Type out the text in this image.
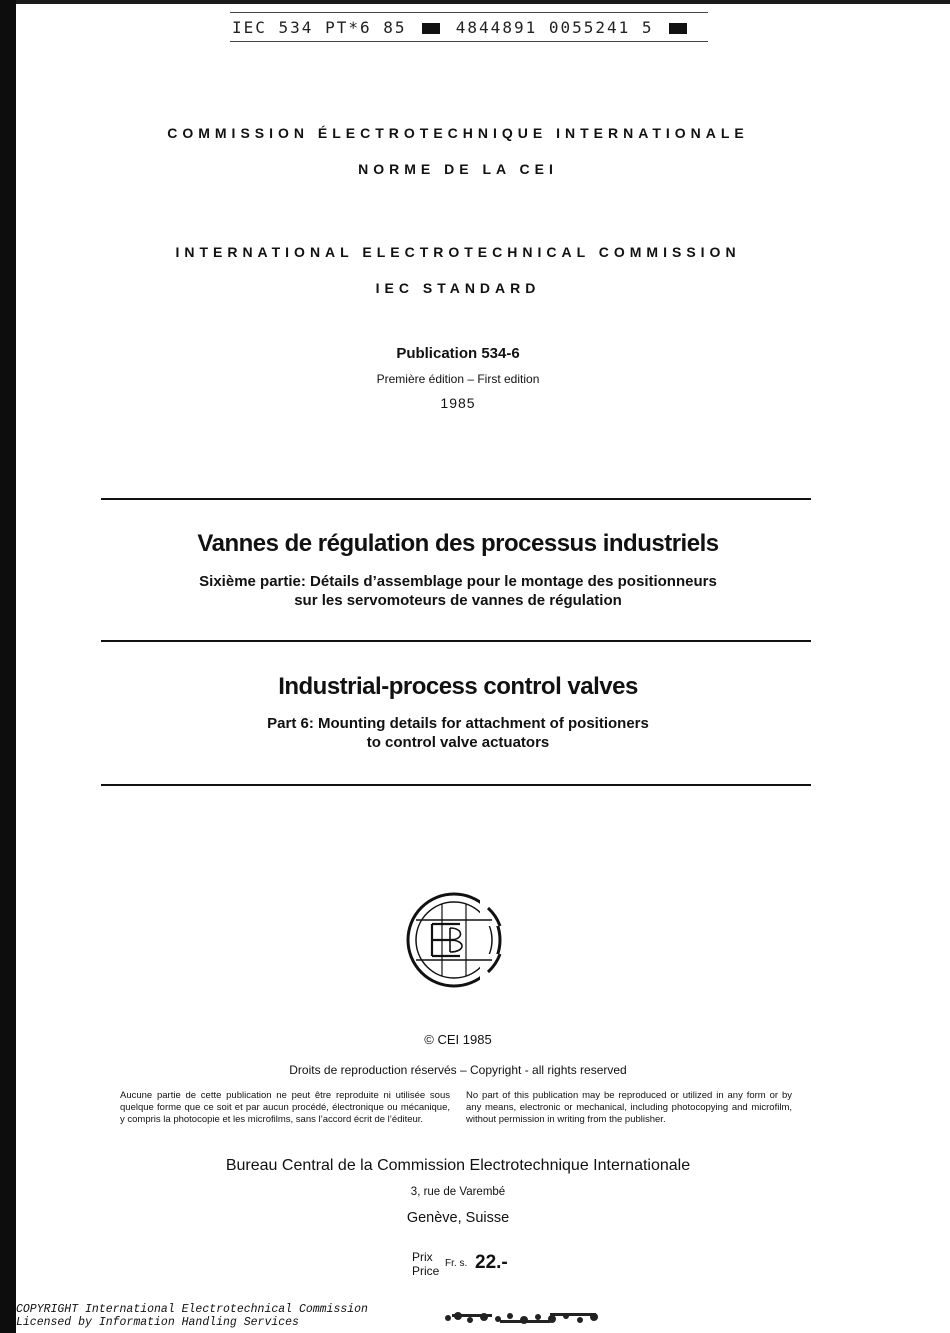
IEC 534 PT*6 85	4844891 0055241 5
COMMISSION ÉLECTROTECHNIQUE INTERNATIONALE
NORME DE LA CEI
INTERNATIONAL ELECTROTECHNICAL COMMISSION
IEC STANDARD
Publication 534-6
Première édition – First edition
1985
Vannes de régulation des processus industriels
Sixième partie: Détails d’assemblage pour le montage des positionneurs
sur les servomoteurs de vannes de régulation
Industrial-process control valves
Part 6: Mounting details for attachment of positioners
to control valve actuators
© CEI 1985
Droits de reproduction réservés – Copyright - all rights reserved
Aucune partie de cette publication ne peut être reproduite ni utilisée sous quelque forme que ce soit et par aucun procédé, électronique ou mécanique, y compris la photocopie et les microfilms, sans l’accord écrit de l’éditeur.
No part of this publication may be reproduced or utilized in any form or by any means, electronic or mechanical, including photocopying and microfilm, without permission in writing from the publisher.
Bureau Central de la Commission Electrotechnique Internationale
3, rue de Varembé
Genève, Suisse
Prix
Price
Fr. s. 22.-
COPYRIGHT International Electrotechnical Commission
Licensed by Information Handling Services
